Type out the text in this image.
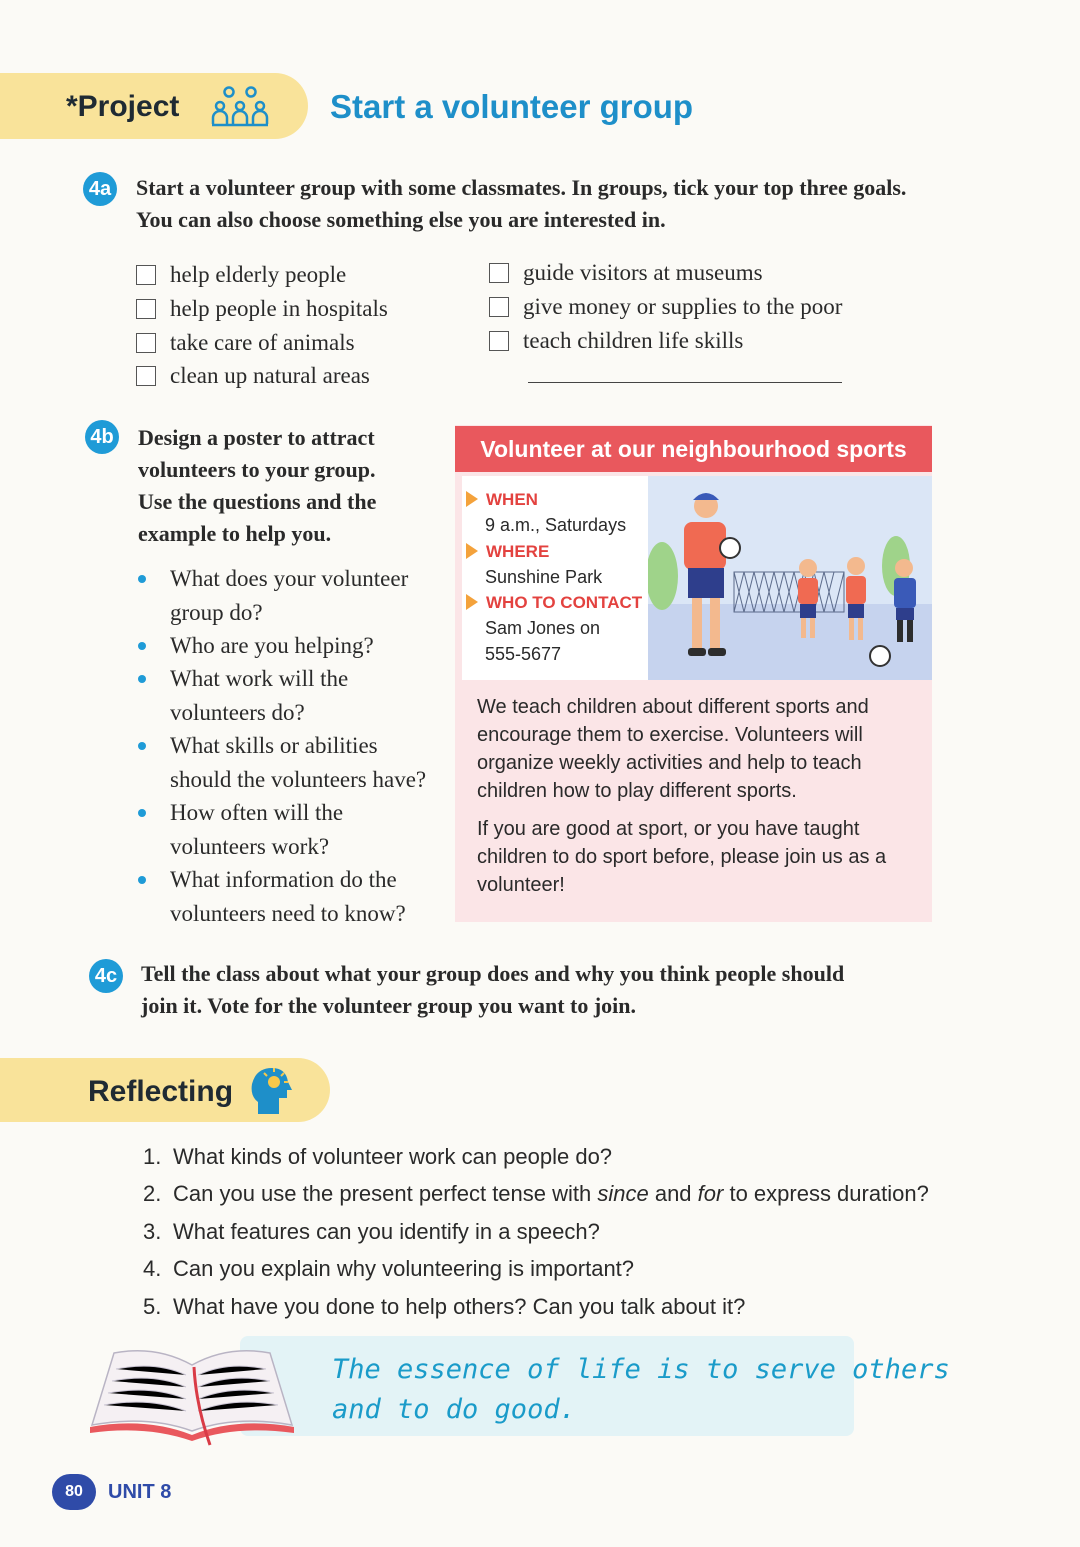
*Project	Start a volunteer group
4a Start a volunteer group with some classmates. In groups, tick your top three goals.
You can also choose something else you are interested in.
help elderly people
help people in hospitals
take care of animals
clean up natural areas
guide visitors at museums
give money or supplies to the poor
teach children life skills
4b Design a poster to attract
volunteers to your group.
Use the questions and the
example to help you.
What does your volunteer
group do?
Who are you helping?
What work will the
volunteers do?
What skills or abilities
should the volunteers have?
How often will the
volunteers work?
What information do the
volunteers need to know?
Volunteer at our neighbourhood sports
WHEN
9 a.m., Saturdays
WHERE
Sunshine Park
WHO TO CONTACT
Sam Jones on
555-5677
We teach children about different sports and
encourage them to exercise. Volunteers will
organize weekly activities and help to teach
children how to play different sports.
If you are good at sport, or you have taught
children to do sport before, please join us as a
volunteer!
4c Tell the class about what your group does and why you think people should
join it. Vote for the volunteer group you want to join.
Reflecting
1. What kinds of volunteer work can people do?
2. Can you use the present perfect tense with since and for to express duration?
3. What features can you identify in a speech?
4. Can you explain why volunteering is important?
5. What have you done to help others? Can you talk about it?
The essence of life is to serve others
and to do good.
80	UNIT 8
